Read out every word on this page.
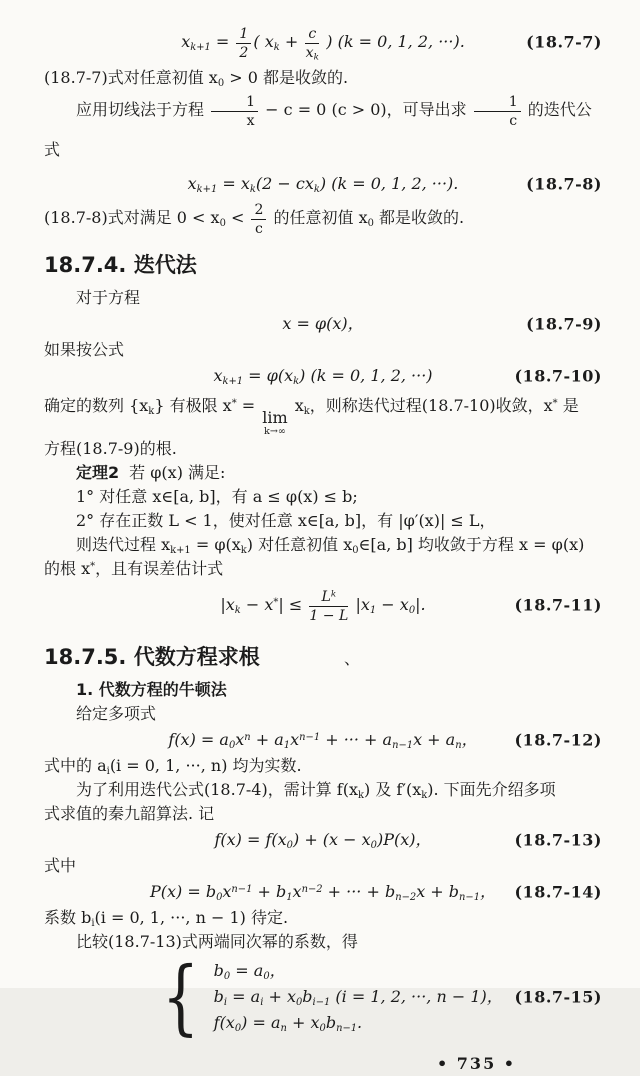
$x_{k+1} = \frac{1}{2}$ ( $x_k + \frac{c}{x_k}$ ) (k = 0, 1, 2, ···).	(18.7-7)
(18.7-7)式对任意初值 $x_0 > 0$ 都是收敛的.
应用切线法于方程 $\frac{1}{x} - c = 0$ (c > 0)，可导出求 $\frac{1}{c}$ 的迭代公式
$x_{k+1} = x_k(2 - cx_k) (k = 0$, 1, 2, ···).	(18.7-8)
(18.7-8)式对满足 $0 < x_0 < \frac{2}{c}$ 的任意初值 $x_0$ 都是收敛的.
18.7.4. 迭代法
对于方程
x = φ(x)，	(18.7-9)
如果按公式
$x_{k+1} = \varphi(x_k) (k = 0$, 1, 2, ···)	(18.7-10)
确定的数列 $\{x_k\}$ 有极限 x* =
lim
k→∞
$x_k$，则称迭代过程(18.7-10)收敛，x* 是
方程(18.7-9)的根.
定理2 若 φ(x) 满足:
1° 对任意 x∈[a, b]，有 a ≤ φ(x) ≤ b;
2° 存在正数 L < 1，使对任意 x∈[a, b]，有 |φ′(x)| ≤ L，
则迭代过程 $x_{k+1} = \varphi(x_k)$ 对任意初值 $x_0\in[a$, b] 均收敛于方程 x = φ(x)
的根 x*，且有误差估计式
$|x_k - x^*| \le \frac{L^k}{1 - L} |x_1 - x_0|$.	(18.7-11)
18.7.5. 代数方程求根	、
1. 代数方程的牛顿法
给定多项式
$f(x) = a_0x^n + a_1x^{n-1}$ + ··· + $a_{n-1}x + a_n$， (18.7-12)
式中的 $a_i(i = 0$, 1, ···, n) 均为实数.
为了利用迭代公式(18.7-4)，需计算 $f(x_k)$ 及 $f'(x_k)$. 下面先介绍多项
式求值的秦九韶算法. 记
$f(x) = f(x_0) + (x - x_0)P(x)$，	(18.7-13)
式中
$P(x) = b_0x^{n-1} + b_1x^{n-2}$ + ··· + $b_{n-2}x + b_{n-1}$， (18.7-14)
系数 $b_i(i = 0$, 1, ···, n − 1) 待定.
比较(18.7-13)式两端同次幂的系数，得
{ $b_0 = a_0$，
$b_i = a_i + x_0b_{i-1}$ (i = 1, 2, ···, n − 1)，
$f(x_0) = a_n + x_0b_{n-1}$.
(18.7-15)
• 735 •
